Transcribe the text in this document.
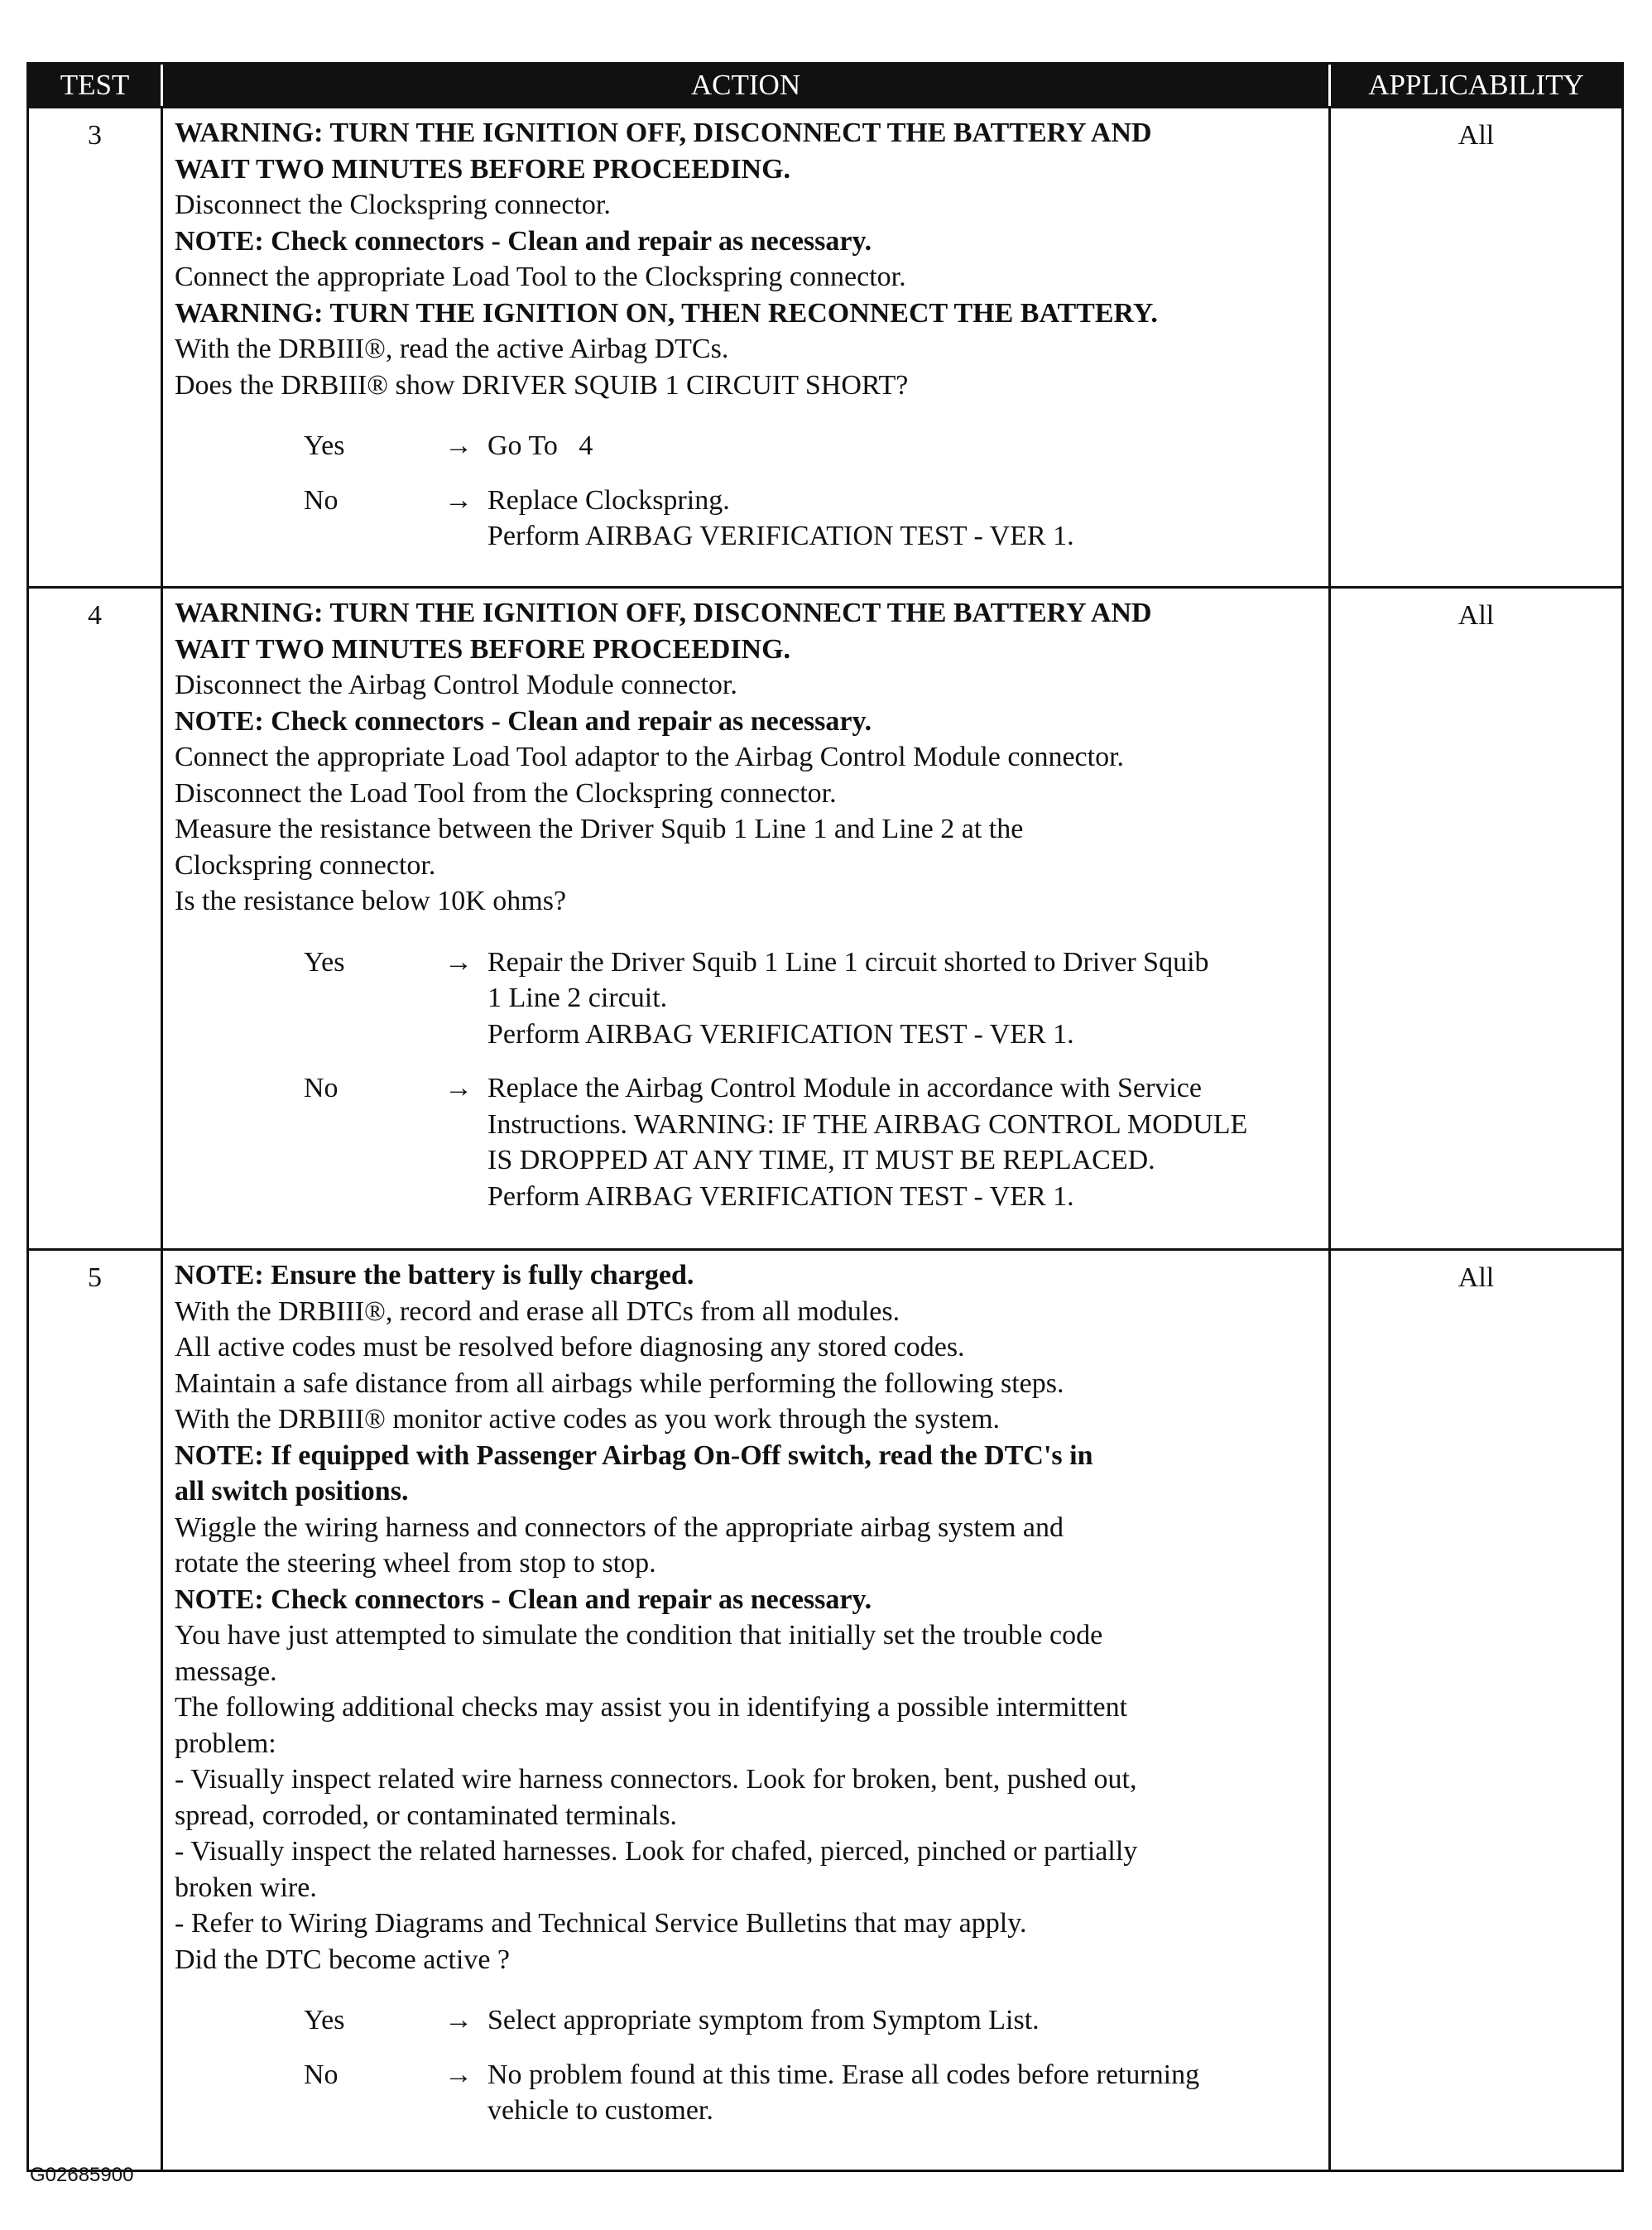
TEST	ACTION	APPLICABILITY
3	WARNING: TURN THE IGNITION OFF, DISCONNECT THE BATTERY AND
WAIT TWO MINUTES BEFORE PROCEEDING.
Disconnect the Clockspring connector.
NOTE: Check connectors - Clean and repair as necessary.
Connect the appropriate Load Tool to the Clockspring connector.
WARNING: TURN THE IGNITION ON, THEN RECONNECT THE BATTERY.
With the DRBIII®, read the active Airbag DTCs.
Does the DRBIII® show DRIVER SQUIB 1 CIRCUIT SHORT?
Yes	→ Go To   4
No	→ Replace Clockspring.
Perform AIRBAG VERIFICATION TEST - VER 1.
All
4	WARNING: TURN THE IGNITION OFF, DISCONNECT THE BATTERY AND
WAIT TWO MINUTES BEFORE PROCEEDING.
Disconnect the Airbag Control Module connector.
NOTE: Check connectors - Clean and repair as necessary.
Connect the appropriate Load Tool adaptor to the Airbag Control Module connector.
Disconnect the Load Tool from the Clockspring connector.
Measure the resistance between the Driver Squib 1 Line 1 and Line 2 at the
Clockspring connector.
Is the resistance below 10K ohms?
Yes	→ Repair the Driver Squib 1 Line 1 circuit shorted to Driver Squib
1 Line 2 circuit.
Perform AIRBAG VERIFICATION TEST - VER 1.
No	→ Replace the Airbag Control Module in accordance with Service
Instructions. WARNING: IF THE AIRBAG CONTROL MODULE
IS DROPPED AT ANY TIME, IT MUST BE REPLACED.
Perform AIRBAG VERIFICATION TEST - VER 1.
All
5	NOTE: Ensure the battery is fully charged.
With the DRBIII®, record and erase all DTCs from all modules.
All active codes must be resolved before diagnosing any stored codes.
Maintain a safe distance from all airbags while performing the following steps.
With the DRBIII® monitor active codes as you work through the system.
NOTE: If equipped with Passenger Airbag On-Off switch, read the DTC's in
all switch positions.
Wiggle the wiring harness and connectors of the appropriate airbag system and
rotate the steering wheel from stop to stop.
NOTE: Check connectors - Clean and repair as necessary.
You have just attempted to simulate the condition that initially set the trouble code
message.
The following additional checks may assist you in identifying a possible intermittent
problem:
- Visually inspect related wire harness connectors. Look for broken, bent, pushed out,
spread, corroded, or contaminated terminals.
- Visually inspect the related harnesses. Look for chafed, pierced, pinched or partially
broken wire.
- Refer to Wiring Diagrams and Technical Service Bulletins that may apply.
Did the DTC become active ?
Yes	→ Select appropriate symptom from Symptom List.
No	→ No problem found at this time. Erase all codes before returning
vehicle to customer.
All
G02685900
